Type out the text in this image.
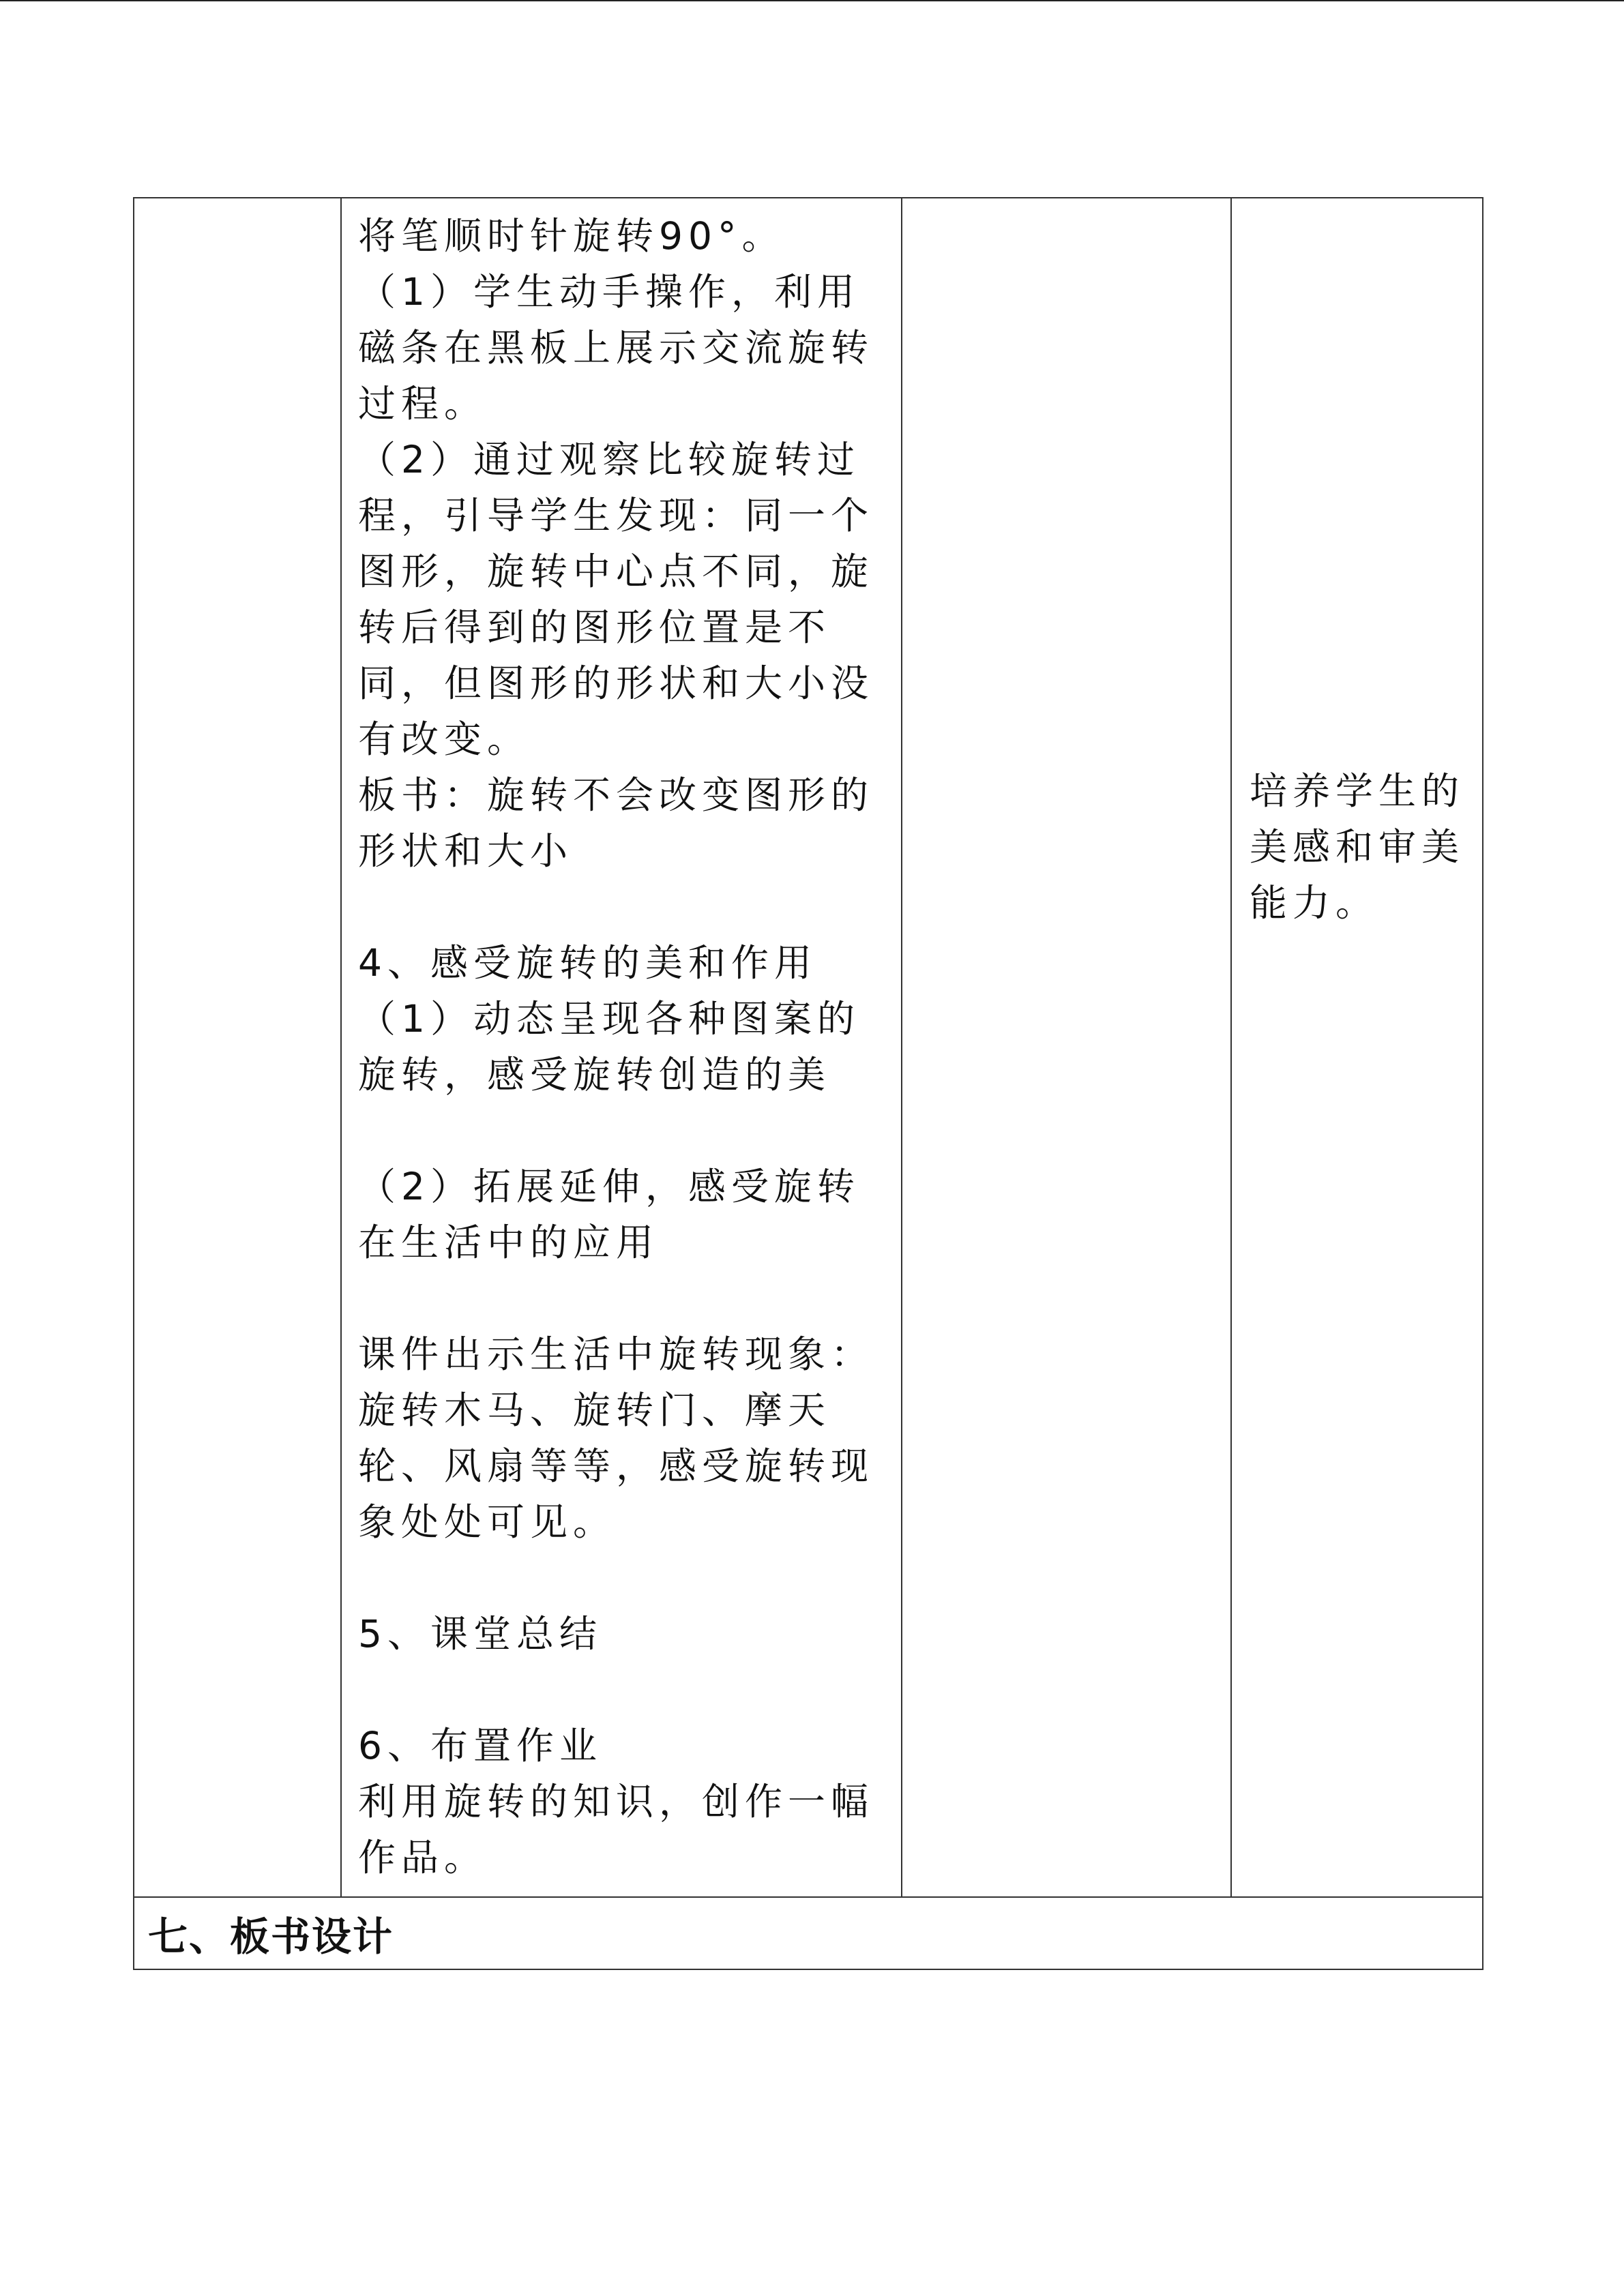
将笔顺时针旋转90°。
（1）学生动手操作，利用
磁条在黑板上展示交流旋转
过程。
（2）通过观察比较旋转过
程，引导学生发现：同一个
图形，旋转中心点不同，旋
转后得到的图形位置是不
同，但图形的形状和大小没
有改变。
板书：旋转不会改变图形的
形状和大小
4、感受旋转的美和作用
（1）动态呈现各种图案的
旋转，感受旋转创造的美
（2）拓展延伸，感受旋转
在生活中的应用
课件出示生活中旋转现象：
旋转木马、旋转门、摩天
轮、风扇等等，感受旋转现
象处处可见。
5、课堂总结
6、布置作业
利用旋转的知识，创作一幅
作品。

培养学生的
美感和审美
能力。

七、板书设计
